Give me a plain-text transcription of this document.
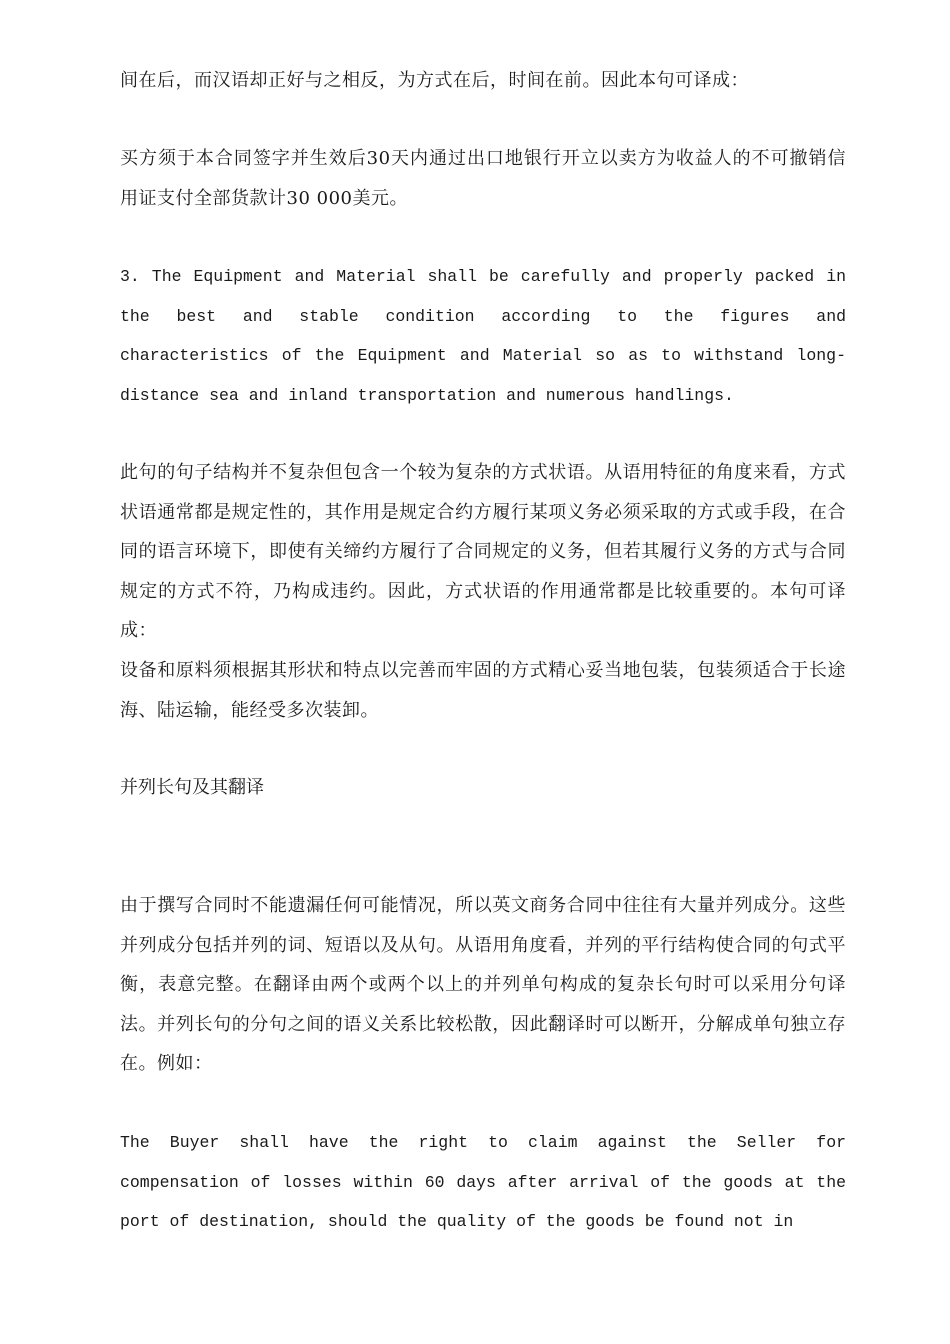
间在后，而汉语却正好与之相反，为方式在后，时间在前。因此本句可译成：

买方须于本合同签字并生效后30天内通过出口地银行开立以卖方为收益人的不可撤销信用证支付全部货款计30 000美元。

3. The Equipment and Material shall be carefully and properly packed in the best and stable condition according to the figures and characteristics of the Equipment and Material so as to withstand long-distance sea and inland transportation and numerous handlings.

此句的句子结构并不复杂但包含一个较为复杂的方式状语。从语用特征的角度来看，方式状语通常都是规定性的，其作用是规定合约方履行某项义务必须采取的方式或手段，在合同的语言环境下，即使有关缔约方履行了合同规定的义务，但若其履行义务的方式与合同规定的方式不符，乃构成违约。因此，方式状语的作用通常都是比较重要的。本句可译成：

设备和原料须根据其形状和特点以完善而牢固的方式精心妥当地包装，包装须适合于长途海、陆运输，能经受多次装卸。

并列长句及其翻译

由于撰写合同时不能遗漏任何可能情况，所以英文商务合同中往往有大量并列成分。这些并列成分包括并列的词、短语以及从句。从语用角度看，并列的平行结构使合同的句式平衡，表意完整。在翻译由两个或两个以上的并列单句构成的复杂长句时可以采用分句译法。并列长句的分句之间的语义关系比较松散，因此翻译时可以断开，分解成单句独立存在。例如：

The Buyer shall have the right to claim against the Seller for compensation of losses within 60 days after arrival of the goods at the port of destination, should the quality of the goods be found not in
